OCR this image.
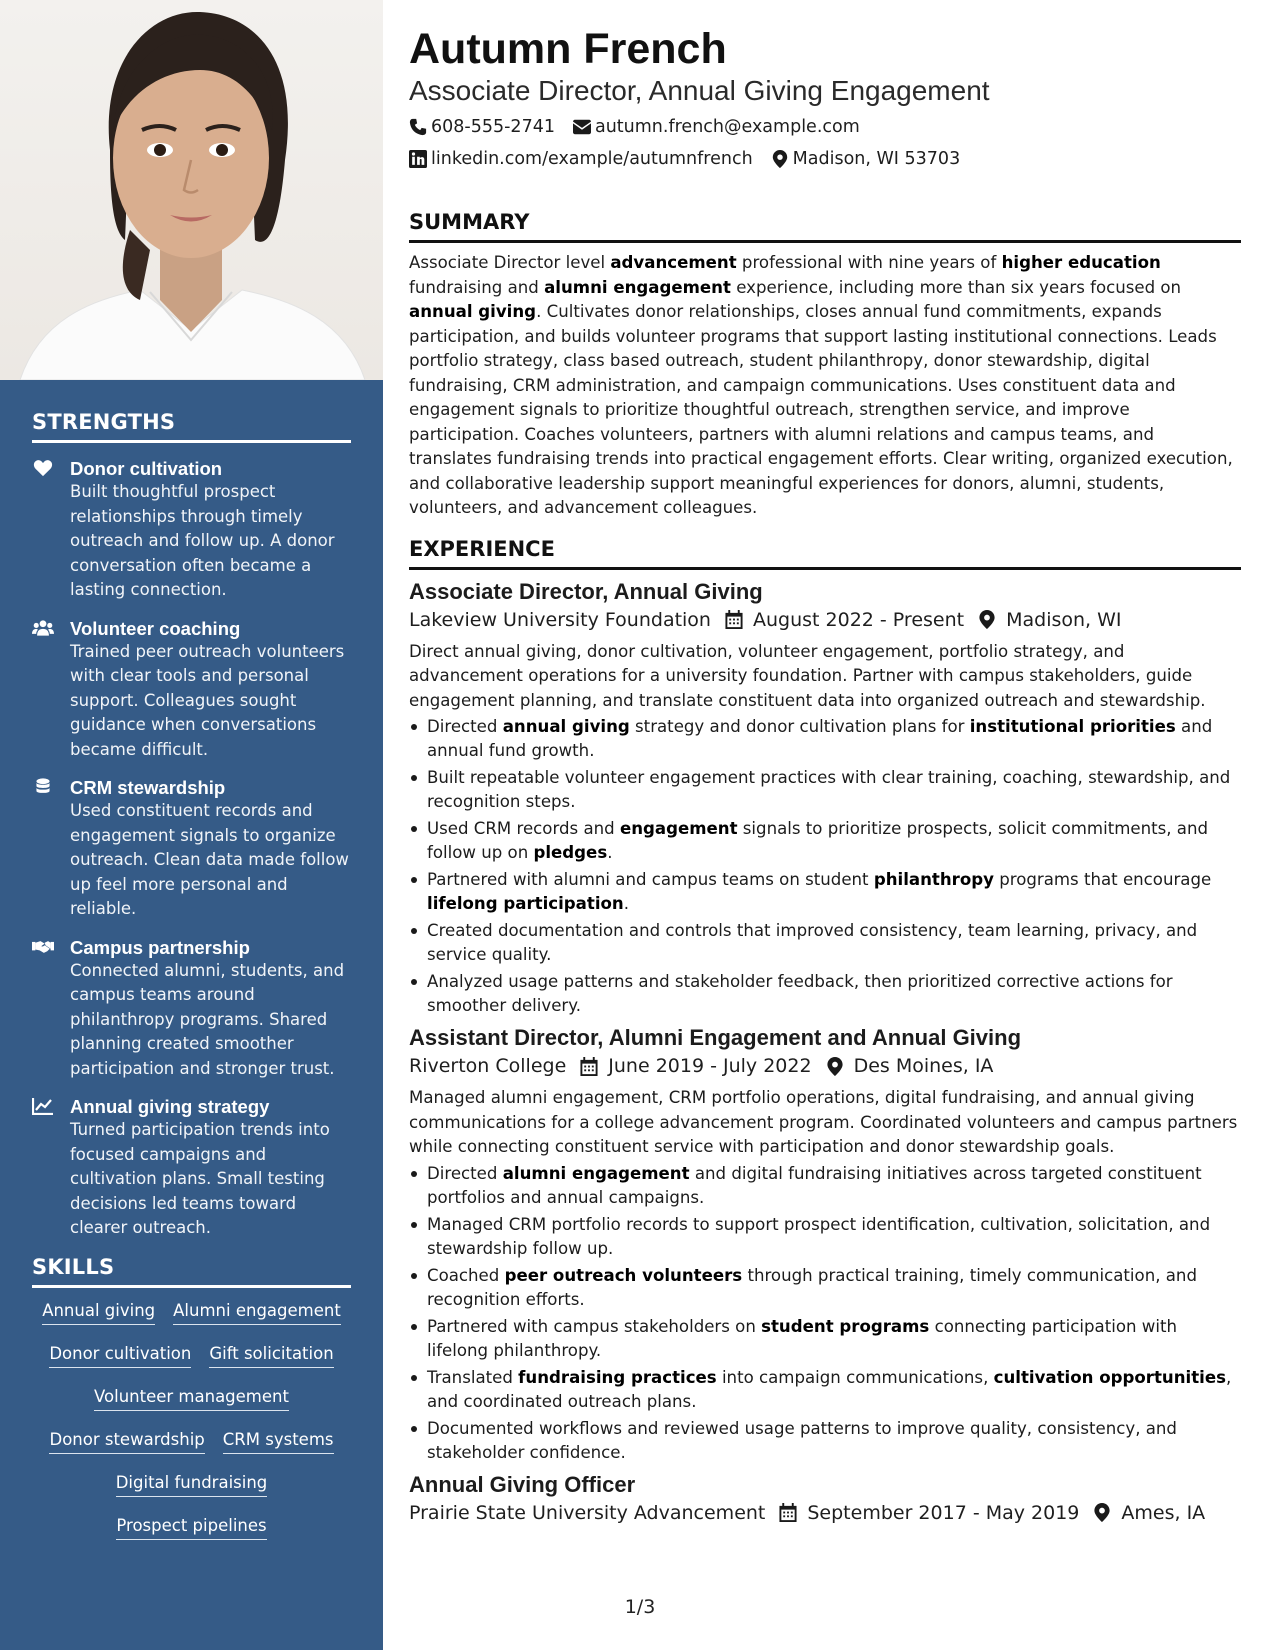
STRENGTHS
Donor cultivation
Built thoughtful prospect relationships through timely outreach and follow up. A donor conversation often became a lasting connection.
Volunteer coaching
Trained peer outreach volunteers with clear tools and personal support. Colleagues sought guidance when conversations became difficult.
CRM stewardship
Used constituent records and engagement signals to organize outreach. Clean data made follow up feel more personal and reliable.
Campus partnership
Connected alumni, students, and campus teams around philanthropy programs. Shared planning created smoother participation and stronger trust.
Annual giving strategy
Turned participation trends into focused campaigns and cultivation plans. Small testing decisions led teams toward clearer outreach.
SKILLS
Annual giving Alumni engagement
Donor cultivation Gift solicitation
Volunteer management
Donor stewardship CRM systems
Digital fundraising
Prospect pipelines
Autumn French
Associate Director, Annual Giving Engagement
608-555-2741 autumn.french@example.com
linkedin.com/example/autumnfrench Madison, WI 53703
SUMMARY

Associate Director level advancement professional with nine years of higher education fundraising and alumni engagement experience, including more than six years focused on annual giving. Cultivates donor relationships, closes annual fund commitments, expands participation, and builds volunteer programs that support lasting institutional connections. Leads portfolio strategy, class based outreach, student philanthropy, donor stewardship, digital fundraising, CRM administration, and campaign communications. Uses constituent data and engagement signals to prioritize thoughtful outreach, strengthen service, and improve participation. Coaches volunteers, partners with alumni relations and campus teams, and translates fundraising trends into practical engagement efforts. Clear writing, organized execution, and collaborative leadership support meaningful experiences for donors, alumni, students, volunteers, and advancement colleagues.

EXPERIENCE
Associate Director, Annual Giving
Lakeview University Foundation August 2022 - Present Madison, WI

Direct annual giving, donor cultivation, volunteer engagement, portfolio strategy, and advancement operations for a university foundation. Partner with campus stakeholders, guide engagement planning, and translate constituent data into organized outreach and stewardship.

Directed annual giving strategy and donor cultivation plans for institutional priorities and annual fund growth.
Built repeatable volunteer engagement practices with clear training, coaching, stewardship, and recognition steps.
Used CRM records and engagement signals to prioritize prospects, solicit commitments, and follow up on pledges.
Partnered with alumni and campus teams on student philanthropy programs that encourage lifelong participation.
Created documentation and controls that improved consistency, team learning, privacy, and service quality.
Analyzed usage patterns and stakeholder feedback, then prioritized corrective actions for smoother delivery.
Assistant Director, Alumni Engagement and Annual Giving
Riverton College June 2019 - July 2022 Des Moines, IA

Managed alumni engagement, CRM portfolio operations, digital fundraising, and annual giving communications for a college advancement program. Coordinated volunteers and campus partners while connecting constituent service with participation and donor stewardship goals.

Directed alumni engagement and digital fundraising initiatives across targeted constituent portfolios and annual campaigns.
Managed CRM portfolio records to support prospect identification, cultivation, solicitation, and stewardship follow up.
Coached peer outreach volunteers through practical training, timely communication, and recognition efforts.
Partnered with campus stakeholders on student programs connecting participation with lifelong philanthropy.
Translated fundraising practices into campaign communications, cultivation opportunities, and coordinated outreach plans.
Documented workflows and reviewed usage patterns to improve quality, consistency, and stakeholder confidence.
Annual Giving Officer
Prairie State University Advancement September 2017 - May 2019 Ames, IA
1/3
